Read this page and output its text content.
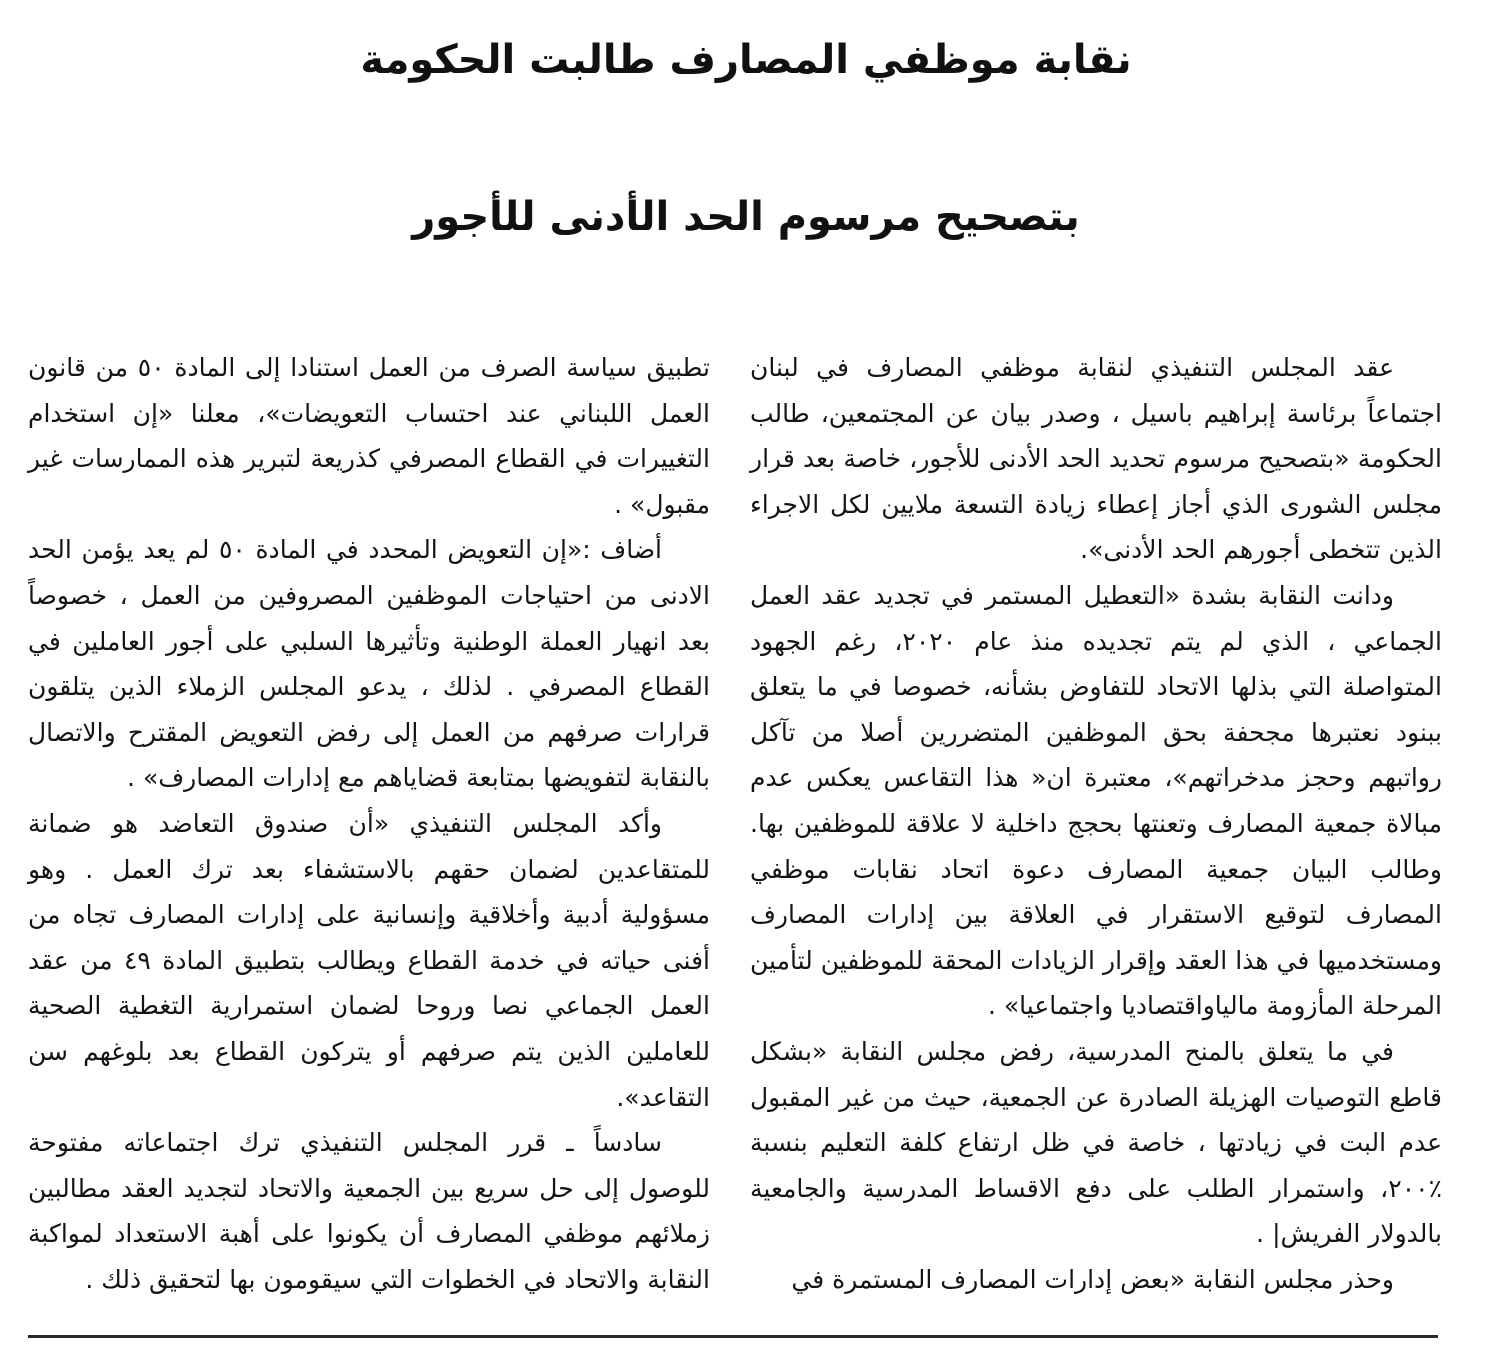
نقابة موظفي المصارف طالبت الحكومة
بتصحيح مرسوم الحد الأدنى للأجور

عقد المجلس التنفيذي لنقابة موظفي المصارف في لبنان اجتماعاً برئاسة إبراهيم باسيل ، وصدر بيان عن المجتمعين، طالب الحكومة «بتصحيح مرسوم تحديد الحد الأدنى للأجور، خاصة بعد قرار مجلس الشورى الذي أجاز إعطاء زيادة التسعة ملايين لكل الاجراء الذين تتخطى أجورهم الحد الأدنى».

ودانت النقابة بشدة «التعطيل المستمر في تجديد عقد العمل الجماعي ، الذي لم يتم تجديده منذ عام ٢٠٢٠، رغم الجهود المتواصلة التي بذلها الاتحاد للتفاوض بشأنه، خصوصا في ما يتعلق ببنود نعتبرها مجحفة بحق الموظفين المتضررين أصلا من تآكل رواتبهم وحجز مدخراتهم»، معتبرة ان« هذا التقاعس يعكس عدم مبالاة جمعية المصارف وتعنتها بحجج داخلية لا علاقة للموظفين بها. وطالب البيان جمعية المصارف دعوة اتحاد نقابات موظفي المصارف لتوقيع الاستقرار في العلاقة بين إدارات المصارف ومستخدميها في هذا العقد وإقرار الزيادات المحقة للموظفين لتأمين المرحلة المأزومة مالياواقتصاديا واجتماعيا» .

في ما يتعلق بالمنح المدرسية، رفض مجلس النقابة «بشكل قاطع التوصيات الهزيلة الصادرة عن الجمعية، حيث من غير المقبول عدم البت في زيادتها ، خاصة في ظل ارتفاع كلفة التعليم بنسبة ٪٢٠٠، واستمرار الطلب على دفع الاقساط المدرسية والجامعية بالدولار الفريش| .

وحذر مجلس النقابة «بعض إدارات المصارف المستمرة في

تطبيق سياسة الصرف من العمل استنادا إلى المادة ٥٠ من قانون العمل اللبناني عند احتساب التعويضات»، معلنا «إن استخدام التغييرات في القطاع المصرفي كذريعة لتبرير هذه الممارسات غير مقبول» .

أضاف :«إن التعويض المحدد في المادة ٥٠ لم يعد يؤمن الحد الادنى من احتياجات الموظفين المصروفين من العمل ، خصوصاً بعد انهيار العملة الوطنية وتأثيرها السلبي على أجور العاملين في القطاع المصرفي . لذلك ، يدعو المجلس الزملاء الذين يتلقون قرارات صرفهم من العمل إلى رفض التعويض المقترح والاتصال بالنقابة لتفويضها بمتابعة قضاياهم مع إدارات المصارف» .

وأكد المجلس التنفيذي «أن صندوق التعاضد هو ضمانة للمتقاعدين لضمان حقهم بالاستشفاء بعد ترك العمل . وهو مسؤولية أدبية وأخلاقية وإنسانية على إدارات المصارف تجاه من أفنى حياته في خدمة القطاع ويطالب بتطبيق المادة ٤٩ من عقد العمل الجماعي نصا وروحا لضمان استمرارية التغطية الصحية للعاملين الذين يتم صرفهم أو يتركون القطاع بعد بلوغهم سن التقاعد».

سادساً ـ قرر المجلس التنفيذي ترك اجتماعاته مفتوحة للوصول إلى حل سريع بين الجمعية والاتحاد لتجديد العقد مطالبين زملائهم موظفي المصارف أن يكونوا على أهبة الاستعداد لمواكبة النقابة والاتحاد في الخطوات التي سيقومون بها لتحقيق ذلك .
